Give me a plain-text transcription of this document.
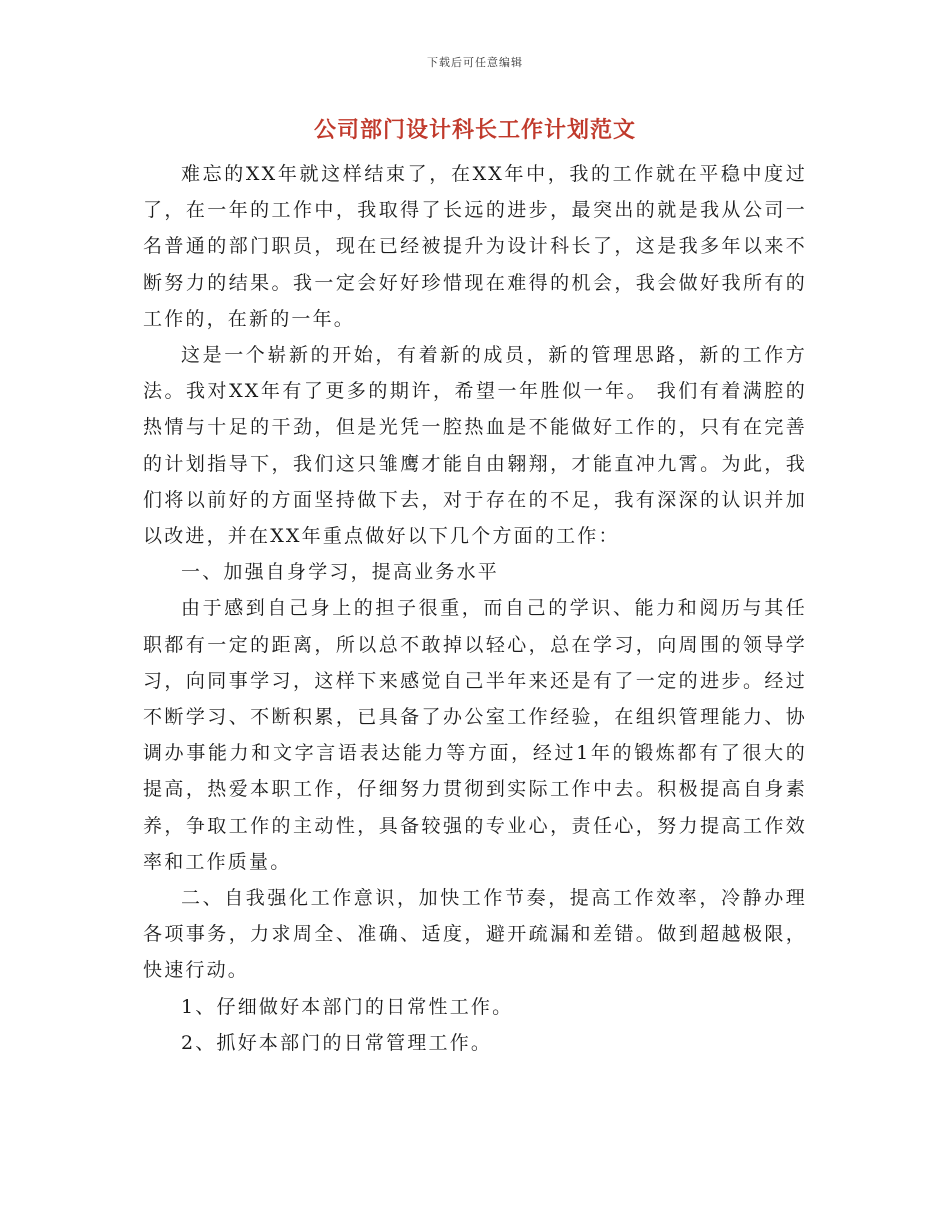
下载后可任意编辑
公司部门设计科长工作计划范文

难忘的XX年就这样结束了，在XX年中，我的工作就在平稳中度过了，在一年的工作中，我取得了长远的进步，最突出的就是我从公司一名普通的部门职员，现在已经被提升为设计科长了，这是我多年以来不断努力的结果。我一定会好好珍惜现在难得的机会，我会做好我所有的工作的，在新的一年。

这是一个崭新的开始，有着新的成员，新的管理思路，新的工作方法。我对XX年有了更多的期许，希望一年胜似一年。 我们有着满腔的热情与十足的干劲，但是光凭一腔热血是不能做好工作的，只有在完善的计划指导下，我们这只雏鹰才能自由翱翔，才能直冲九霄。为此，我们将以前好的方面坚持做下去，对于存在的不足，我有深深的认识并加以改进，并在XX年重点做好以下几个方面的工作：

一、加强自身学习，提高业务水平

由于感到自己身上的担子很重，而自己的学识、能力和阅历与其任职都有一定的距离，所以总不敢掉以轻心，总在学习，向周围的领导学习，向同事学习，这样下来感觉自己半年来还是有了一定的进步。经过不断学习、不断积累，已具备了办公室工作经验，在组织管理能力、协调办事能力和文字言语表达能力等方面，经过1年的锻炼都有了很大的提高，热爱本职工作，仔细努力贯彻到实际工作中去。积极提高自身素养，争取工作的主动性，具备较强的专业心，责任心，努力提高工作效率和工作质量。

二、自我强化工作意识，加快工作节奏，提高工作效率，冷静办理各项事务，力求周全、准确、适度，避开疏漏和差错。做到超越极限，快速行动。

1、仔细做好本部门的日常性工作。

2、抓好本部门的日常管理工作。
